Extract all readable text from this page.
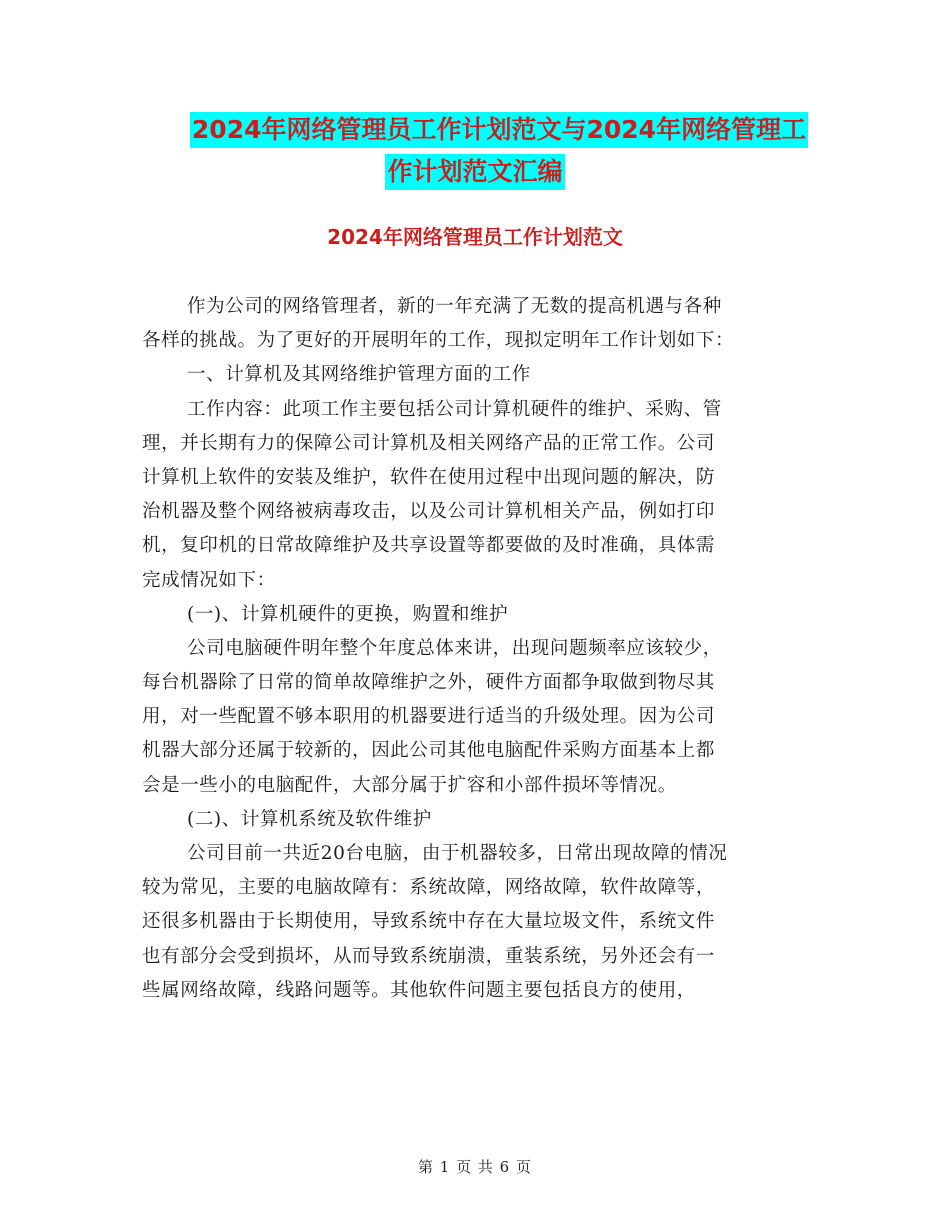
2024年网络管理员工作计划范文与2024年网络管理工
作计划范文汇编
2024年网络管理员工作计划范文
作为公司的网络管理者，新的一年充满了无数的提高机遇与各种
各样的挑战。为了更好的开展明年的工作，现拟定明年工作计划如下：
一、计算机及其网络维护管理方面的工作
工作内容：此项工作主要包括公司计算机硬件的维护、采购、管
理，并长期有力的保障公司计算机及相关网络产品的正常工作。公司
计算机上软件的安装及维护，软件在使用过程中出现问题的解决，防
治机器及整个网络被病毒攻击，以及公司计算机相关产品，例如打印
机，复印机的日常故障维护及共享设置等都要做的及时准确，具体需
完成情况如下：
(一)、计算机硬件的更换，购置和维护
公司电脑硬件明年整个年度总体来讲，出现问题频率应该较少，
每台机器除了日常的简单故障维护之外，硬件方面都争取做到物尽其
用，对一些配置不够本职用的机器要进行适当的升级处理。因为公司
机器大部分还属于较新的，因此公司其他电脑配件采购方面基本上都
会是一些小的电脑配件，大部分属于扩容和小部件损坏等情况。
(二)、计算机系统及软件维护
公司目前一共近20台电脑，由于机器较多，日常出现故障的情况
较为常见，主要的电脑故障有：系统故障，网络故障，软件故障等，
还很多机器由于长期使用，导致系统中存在大量垃圾文件，系统文件
也有部分会受到损坏，从而导致系统崩溃，重装系统，另外还会有一
些属网络故障，线路问题等。其他软件问题主要包括良方的使用，
第 1 页 共 6 页
